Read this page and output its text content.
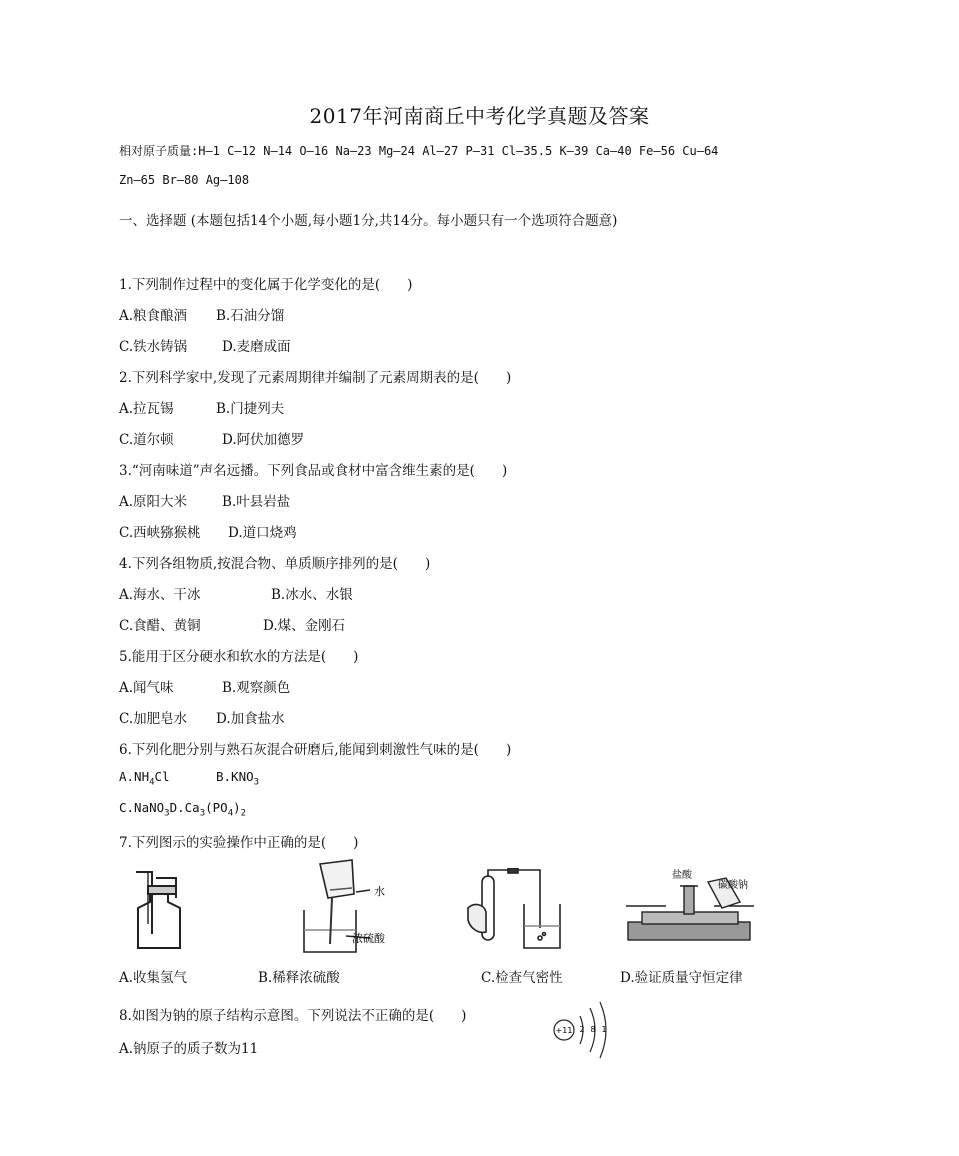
2017年河南商丘中考化学真题及答案
相对原子质量:H—1 C—12 N—14 O—16 Na—23 Mg—24 Al—27 P—31 Cl—35.5 K—39 Ca—40 Fe—56 Cu—64
Zn—65 Br—80 Ag—108
一、选择题 (本题包括14个小题,每小题1分,共14分。每小题只有一个选项符合题意)
1.下列制作过程中的变化属于化学变化的是(　　)
A.粮食酿酒 B.石油分馏
C.铁水铸锅	D.麦磨成面
2.下列科学家中,发现了元素周期律并编制了元素周期表的是(　　)
A.拉瓦锡	B.门捷列夫
C.道尔顿	D.阿伏加德罗
3.“河南味道”声名远播。下列食品或食材中富含维生素的是(　　)
A.原阳大米	B.叶县岩盐
C.西峡猕猴桃 D.道口烧鸡
4.下列各组物质,按混合物、单质顺序排列的是(　　)
A.海水、干冰	B.冰水、水银
C.食醋、黄铜	D.煤、金刚石
5.能用于区分硬水和软水的方法是(　　)
A.闻气味	B.观察颜色
C.加肥皂水 D.加食盐水
6.下列化肥分别与熟石灰混合研磨后,能闻到刺激性气味的是(　　)
$A.NH_4Cl$	$B.KNO_3$
$C.NaNO_3D.Ca_3(PO_4)_2$
7.下列图示的实验操作中正确的是(　　)
水
浓硫酸
盐酸
碳酸钠
A.收集氢气	B.稀释浓硫酸	C.检查气密性	D.验证质量守恒定律
8.如图为钠的原子结构示意图。下列说法不正确的是(　　)
A.钠原子的质子数为11
+11 2 8 1
